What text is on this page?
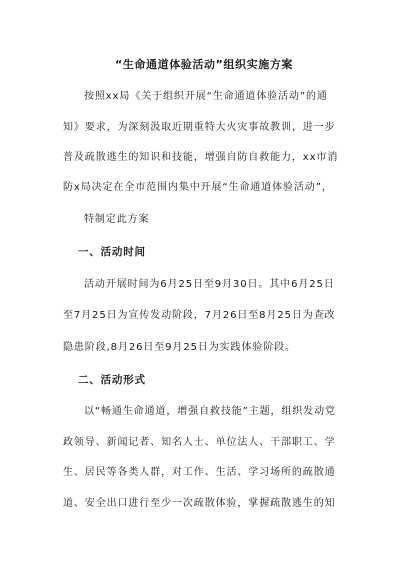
“生命通道体验活动”组织实施方案
按照xx局《关于组织开展“生命通道体验活动”的通
知》要求，为深刻汲取近期重特大火灾事故教训，进一步
普及疏散逃生的知识和技能，增强自防自救能力，xx市消
防x局决定在全市范围内集中开展“生命通道体验活动”，
特制定此方案
一、活动时间
活动开展时间为6月25日至9月30日。其中6月25日
至7月25日为宣传发动阶段，7月26日至8月25日为查改
隐患阶段,8月26日至9月25日为实践体验阶段。
二、活动形式
以“畅通生命通道，增强自救技能”主题，组织发动党
政领导、新闻记者、知名人士、单位法人、干部职工、学
生、居民等各类人群，对工作、生活、学习场所的疏散通
道、安全出口进行至少一次疏散体验，掌握疏散逃生的知
